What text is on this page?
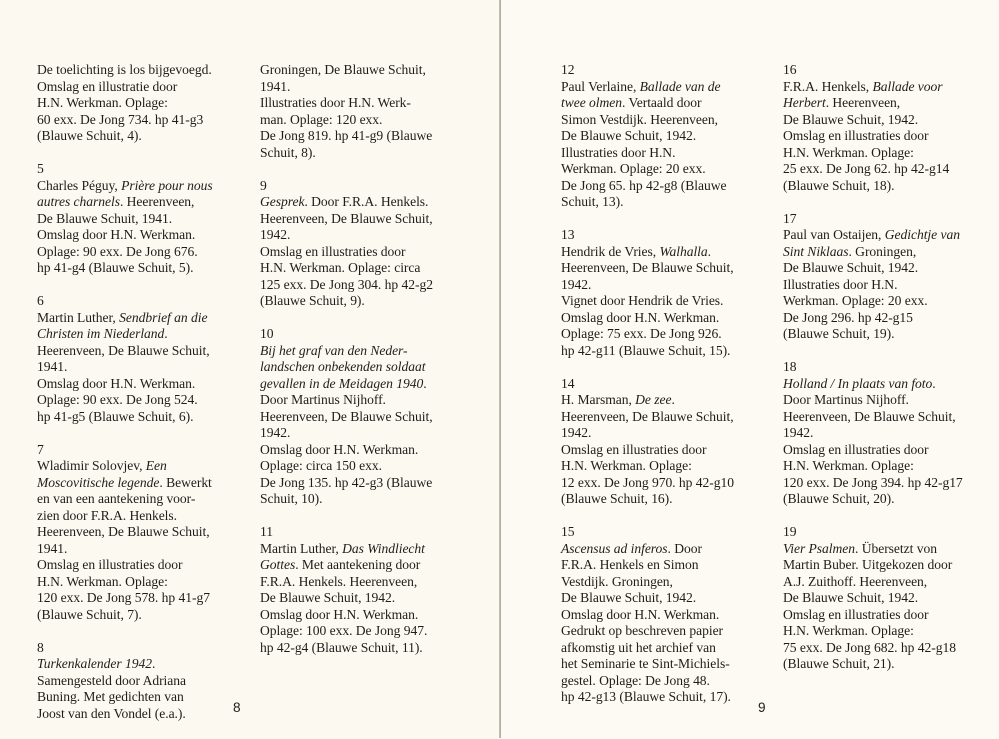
De toelichting is los bijgevoegd.
Omslag en illustratie door
H.N. Werkman. Oplage:
60 exx. De Jong 734. hp 41-g3
(Blauwe Schuit, 4).
5
Charles Péguy, Prière pour nous
autres charnels. Heerenveen,
De Blauwe Schuit, 1941.
Omslag door H.N. Werkman.
Oplage: 90 exx. De Jong 676.
hp 41-g4 (Blauwe Schuit, 5).
6
Martin Luther, Sendbrief an die
Christen im Niederland.
Heerenveen, De Blauwe Schuit,
1941.
Omslag door H.N. Werkman.
Oplage: 90 exx. De Jong 524.
hp 41-g5 (Blauwe Schuit, 6).
7
Wladimir Solovjev, Een
Moscovitische legende. Bewerkt
en van een aantekening voor-
zien door F.R.A. Henkels.
Heerenveen, De Blauwe Schuit,
1941.
Omslag en illustraties door
H.N. Werkman. Oplage:
120 exx. De Jong 578. hp 41-g7
(Blauwe Schuit, 7).
8
Turkenkalender 1942.
Samengesteld door Adriana
Buning. Met gedichten van
Joost van den Vondel (e.a.).
Groningen, De Blauwe Schuit,
1941.
Illustraties door H.N. Werk-
man. Oplage: 120 exx.
De Jong 819. hp 41-g9 (Blauwe
Schuit, 8).
9
Gesprek. Door F.R.A. Henkels.
Heerenveen, De Blauwe Schuit,
1942.
Omslag en illustraties door
H.N. Werkman. Oplage: circa
125 exx. De Jong 304. hp 42-g2
(Blauwe Schuit, 9).
10
Bij het graf van den Neder-
landschen onbekenden soldaat
gevallen in de Meidagen 1940.
Door Martinus Nijhoff.
Heerenveen, De Blauwe Schuit,
1942.
Omslag door H.N. Werkman.
Oplage: circa 150 exx.
De Jong 135. hp 42-g3 (Blauwe
Schuit, 10).
11
Martin Luther, Das Windliecht
Gottes. Met aantekening door
F.R.A. Henkels. Heerenveen,
De Blauwe Schuit, 1942.
Omslag door H.N. Werkman.
Oplage: 100 exx. De Jong 947.
hp 42-g4 (Blauwe Schuit, 11).
8
12
Paul Verlaine, Ballade van de
twee olmen. Vertaald door
Simon Vestdijk. Heerenveen,
De Blauwe Schuit, 1942.
Illustraties door H.N.
Werkman. Oplage: 20 exx.
De Jong 65. hp 42-g8 (Blauwe
Schuit, 13).
13
Hendrik de Vries, Walhalla.
Heerenveen, De Blauwe Schuit,
1942.
Vignet door Hendrik de Vries.
Omslag door H.N. Werkman.
Oplage: 75 exx. De Jong 926.
hp 42-g11 (Blauwe Schuit, 15).
14
H. Marsman, De zee.
Heerenveen, De Blauwe Schuit,
1942.
Omslag en illustraties door
H.N. Werkman. Oplage:
12 exx. De Jong 970. hp 42-g10
(Blauwe Schuit, 16).
15
Ascensus ad inferos. Door
F.R.A. Henkels en Simon
Vestdijk. Groningen,
De Blauwe Schuit, 1942.
Omslag door H.N. Werkman.
Gedrukt op beschreven papier
afkomstig uit het archief van
het Seminarie te Sint-Michiels-
gestel. Oplage: De Jong 48.
hp 42-g13 (Blauwe Schuit, 17).
16
F.R.A. Henkels, Ballade voor
Herbert. Heerenveen,
De Blauwe Schuit, 1942.
Omslag en illustraties door
H.N. Werkman. Oplage:
25 exx. De Jong 62. hp 42-g14
(Blauwe Schuit, 18).
17
Paul van Ostaijen, Gedichtje van
Sint Niklaas. Groningen,
De Blauwe Schuit, 1942.
Illustraties door H.N.
Werkman. Oplage: 20 exx.
De Jong 296. hp 42-g15
(Blauwe Schuit, 19).
18
Holland / In plaats van foto.
Door Martinus Nijhoff.
Heerenveen, De Blauwe Schuit,
1942.
Omslag en illustraties door
H.N. Werkman. Oplage:
120 exx. De Jong 394. hp 42-g17
(Blauwe Schuit, 20).
19
Vier Psalmen. Übersetzt von
Martin Buber. Uitgekozen door
A.J. Zuithoff. Heerenveen,
De Blauwe Schuit, 1942.
Omslag en illustraties door
H.N. Werkman. Oplage:
75 exx. De Jong 682. hp 42-g18
(Blauwe Schuit, 21).
9
